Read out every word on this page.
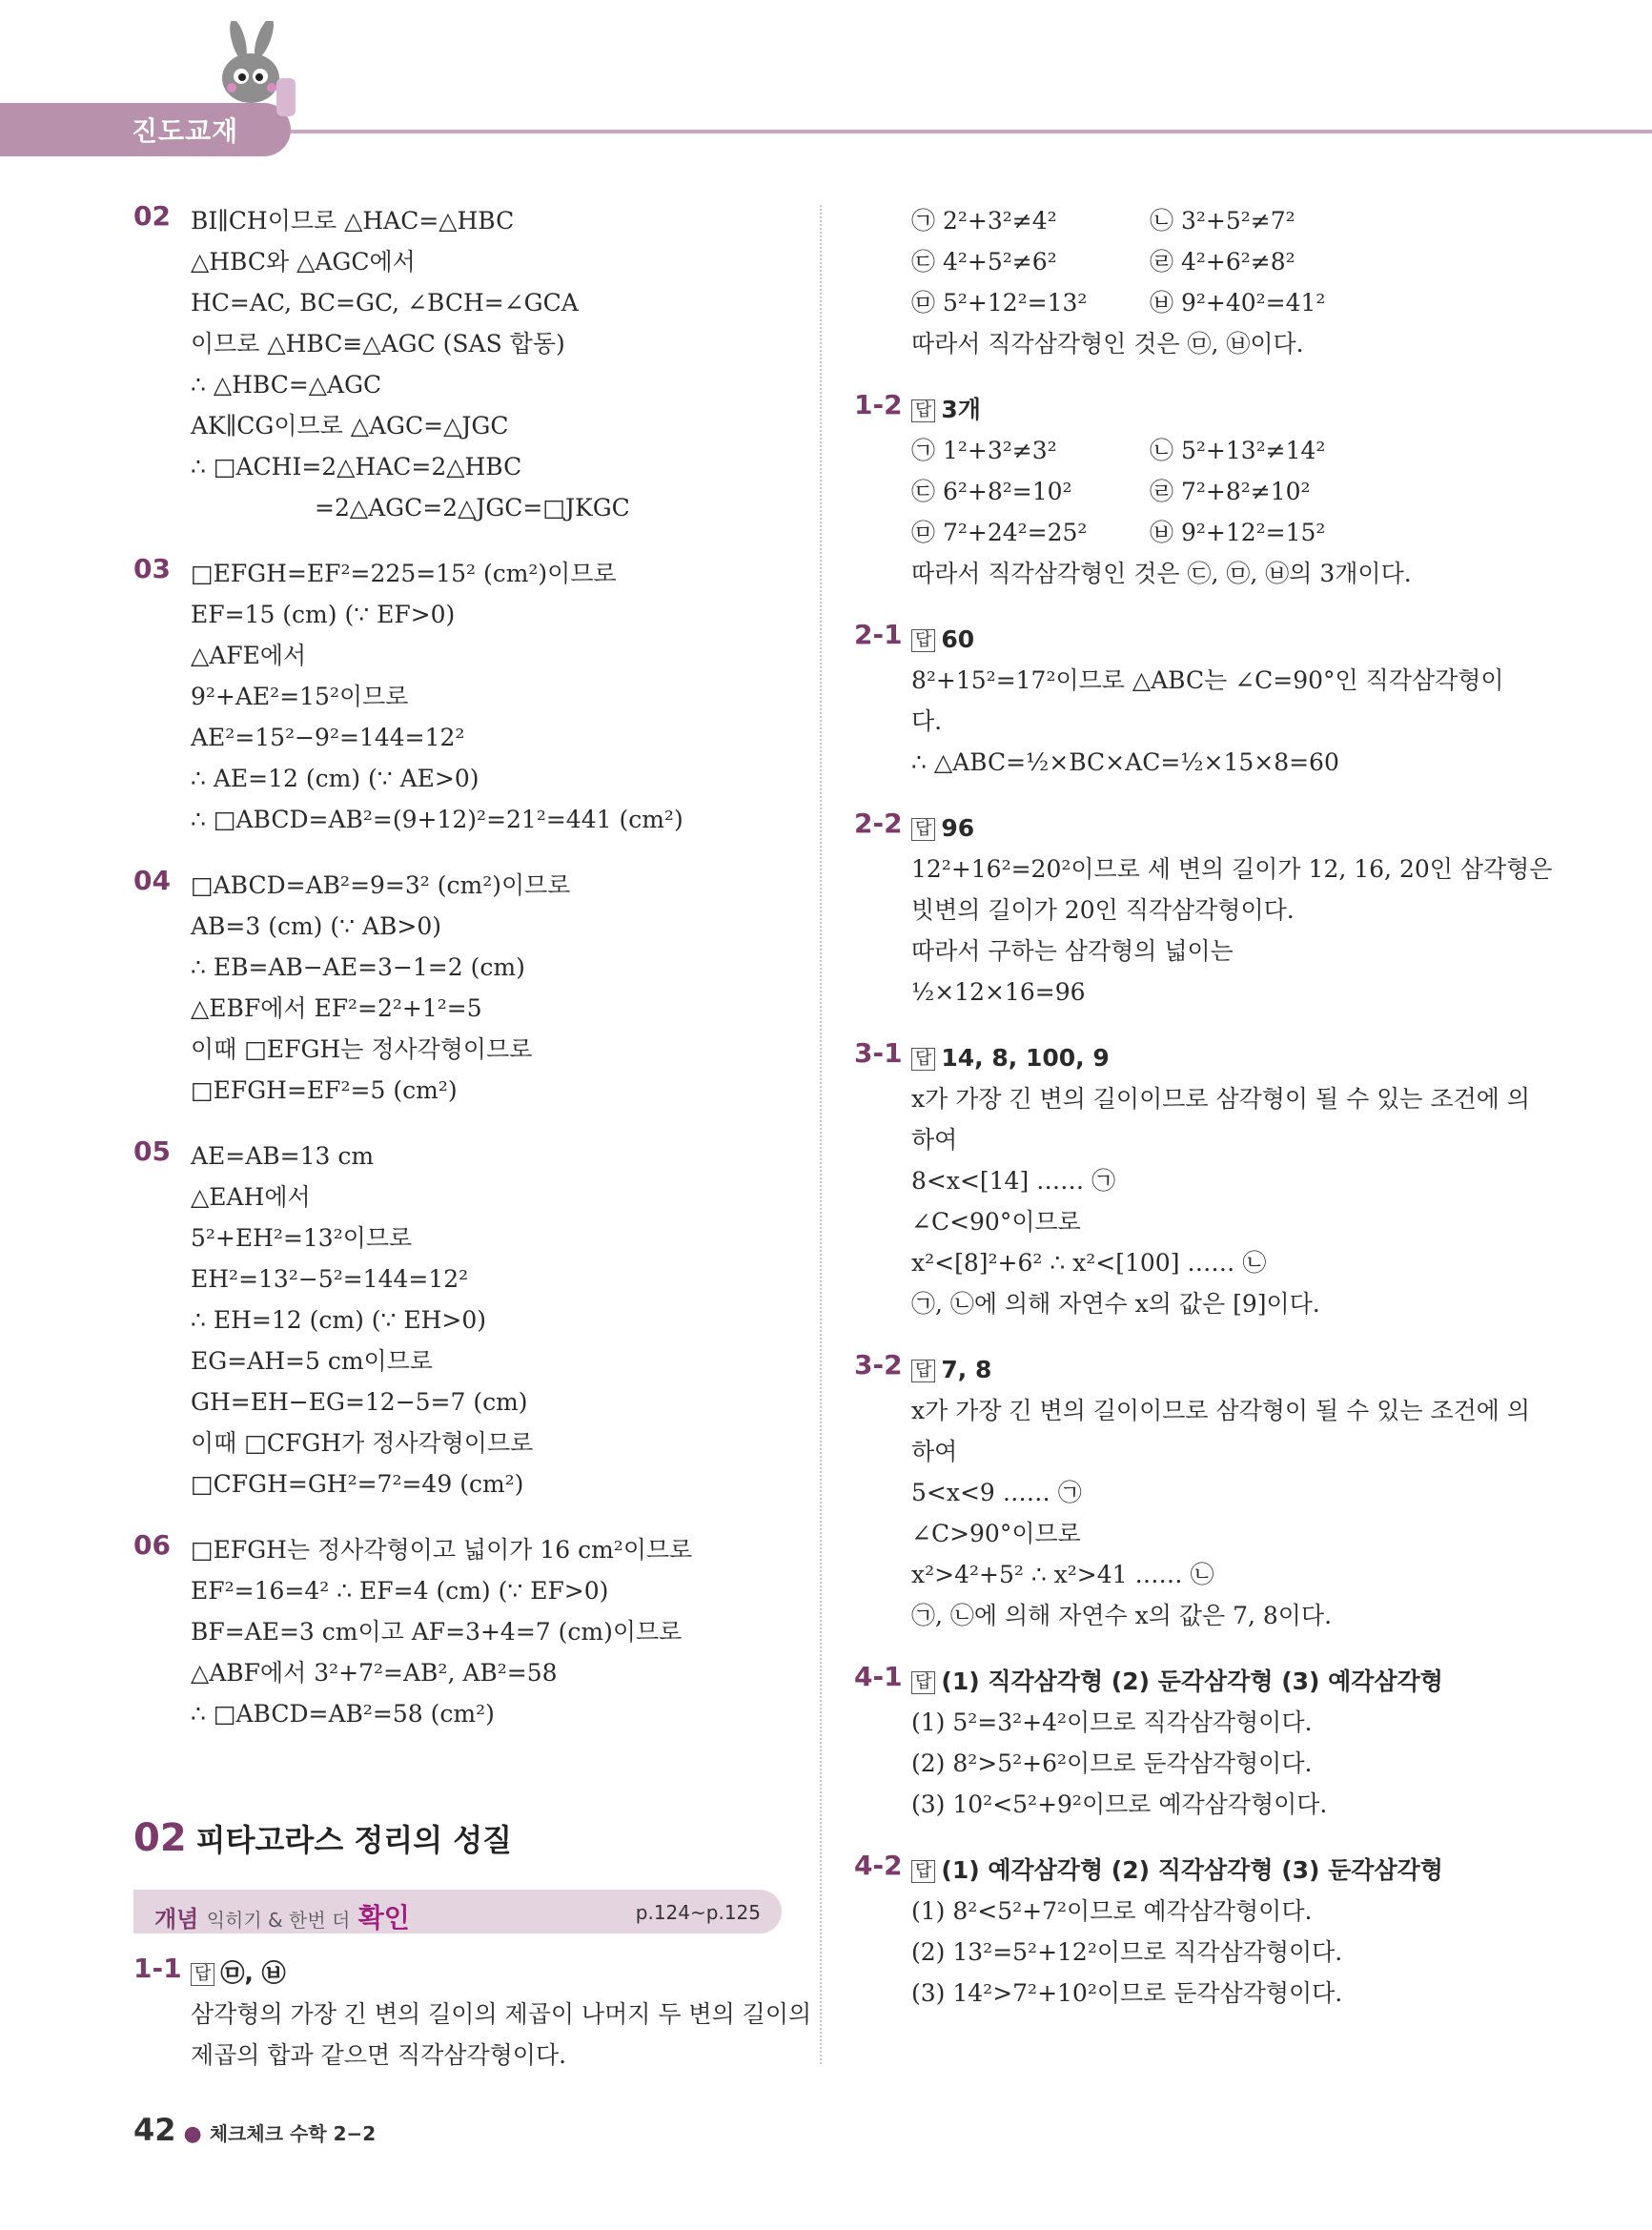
진도교재
02 BI∥CH이므로 △HAC=△HBC
△HBC와 △AGC에서
HC=AC, BC=GC, ∠BCH=∠GCA
이므로 △HBC≡△AGC (SAS 합동)
∴ △HBC=△AGC
AK∥CG이므로 △AGC=△JGC
∴ □ACHI=2△HAC=2△HBC
=2△AGC=2△JGC=□JKGC
03 □EFGH=EF²=225=15² (cm²)이므로
EF=15 (cm) (∵ EF>0)
△AFE에서
9²+AE²=15²이므로
AE²=15²−9²=144=12²
∴ AE=12 (cm) (∵ AE>0)
∴ □ABCD=AB²=(9+12)²=21²=441 (cm²)
04 □ABCD=AB²=9=3² (cm²)이므로
AB=3 (cm) (∵ AB>0)
∴ EB=AB−AE=3−1=2 (cm)
△EBF에서 EF²=2²+1²=5
이때 □EFGH는 정사각형이므로
□EFGH=EF²=5 (cm²)
05 AE=AB=13 cm
△EAH에서
5²+EH²=13²이므로
EH²=13²−5²=144=12²
∴ EH=12 (cm) (∵ EH>0)
EG=AH=5 cm이므로
GH=EH−EG=12−5=7 (cm)
이때 □CFGH가 정사각형이므로
□CFGH=GH²=7²=49 (cm²)
06 □EFGH는 정사각형이고 넓이가 16 cm²이므로
EF²=16=4² ∴ EF=4 (cm) (∵ EF>0)
BF=AE=3 cm이고 AF=3+4=7 (cm)이므로
△ABF에서 3²+7²=AB², AB²=58
∴ □ABCD=AB²=58 (cm²)
02 피타고라스 정리의 성질
개념 익히기 & 한번 더 확인	p.124~p.125
1-1 답 ㉤, ㉥
삼각형의 가장 긴 변의 길이의 제곱이 나머지 두 변의 길이의
제곱의 합과 같으면 직각삼각형이다.
㉠ 2²+3²≠4²	㉡ 3²+5²≠7²
㉢ 4²+5²≠6²	㉣ 4²+6²≠8²
㉤ 5²+12²=13²	㉥ 9²+40²=41²
따라서 직각삼각형인 것은 ㉤, ㉥이다.
1-2 답 3개
㉠ 1²+3²≠3²	㉡ 5²+13²≠14²
㉢ 6²+8²=10²	㉣ 7²+8²≠10²
㉤ 7²+24²=25²	㉥ 9²+12²=15²
따라서 직각삼각형인 것은 ㉢, ㉤, ㉥의 3개이다.
2-1 답 60
8²+15²=17²이므로 △ABC는 ∠C=90°인 직각삼각형이
다.
∴ △ABC=½×BC×AC=½×15×8=60
2-2 답 96
12²+16²=20²이므로 세 변의 길이가 12, 16, 20인 삼각형은
빗변의 길이가 20인 직각삼각형이다.
따라서 구하는 삼각형의 넓이는
½×12×16=96
3-1 답 14, 8, 100, 9
x가 가장 긴 변의 길이이므로 삼각형이 될 수 있는 조건에 의
하여
8<x<[14] …… ㉠
∠C<90°이므로
x²<[8]²+6² ∴ x²<[100] …… ㉡
㉠, ㉡에 의해 자연수 x의 값은 [9]이다.
3-2 답 7, 8
x가 가장 긴 변의 길이이므로 삼각형이 될 수 있는 조건에 의
하여
5<x<9 …… ㉠
∠C>90°이므로
x²>4²+5² ∴ x²>41 …… ㉡
㉠, ㉡에 의해 자연수 x의 값은 7, 8이다.
4-1 답 (1) 직각삼각형 (2) 둔각삼각형 (3) 예각삼각형
(1) 5²=3²+4²이므로 직각삼각형이다.
(2) 8²>5²+6²이므로 둔각삼각형이다.
(3) 10²<5²+9²이므로 예각삼각형이다.
4-2 답 (1) 예각삼각형 (2) 직각삼각형 (3) 둔각삼각형
(1) 8²<5²+7²이므로 예각삼각형이다.
(2) 13²=5²+12²이므로 직각삼각형이다.
(3) 14²>7²+10²이므로 둔각삼각형이다.
42 ● 체크체크 수학 2−2
